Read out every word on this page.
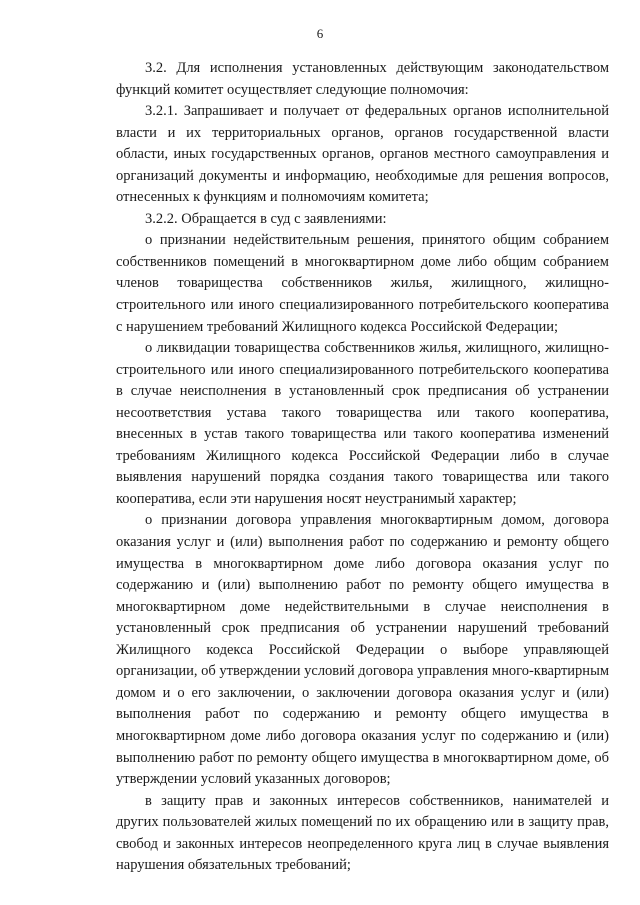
6

3.2. Для исполнения установленных действующим законодательством функций комитет осуществляет следующие полномочия:

3.2.1. Запрашивает и получает от федеральных органов исполнительной власти и их территориальных органов, органов государственной власти области, иных государственных органов, органов местного самоуправления и организаций документы и информацию, необходимые для решения вопросов, отнесенных к функциям и полномочиям комитета;

3.2.2. Обращается в суд с заявлениями:

о признании недействительным решения, принятого общим собранием собственников помещений в многоквартирном доме либо общим собранием членов товарищества собственников жилья, жилищного, жилищно-строительного или иного специализированного потребительского кооператива с нарушением требований Жилищного кодекса Российской Федерации;

о ликвидации товарищества собственников жилья, жилищного, жилищно-строительного или иного специализированного потребительского кооператива в случае неисполнения в установленный срок предписания об устранении несоответствия устава такого товарищества или такого кооператива, внесенных в устав такого товарищества или такого кооператива изменений требованиям Жилищного кодекса Российской Федерации либо в случае выявления нарушений порядка создания такого товарищества или такого кооператива, если эти нарушения носят неустранимый характер;

о признании договора управления многоквартирным домом, договора оказания услуг и (или) выполнения работ по содержанию и ремонту общего имущества в многоквартирном доме либо договора оказания услуг по содержанию и (или) выполнению работ по ремонту общего имущества в многоквартирном доме недействительными в случае неисполнения в установленный срок предписания об устранении нарушений требований Жилищного кодекса Российской Федерации о выборе управляющей организации, об утверждении условий договора управления много-квартирным домом и о его заключении, о заключении договора оказания услуг и (или) выполнения работ по содержанию и ремонту общего имущества в многоквартирном доме либо договора оказания услуг по содержанию и (или) выполнению работ по ремонту общего имущества в многоквартирном доме, об утверждении условий указанных договоров;

в защиту прав и законных интересов собственников, нанимателей и других пользователей жилых помещений по их обращению или в защиту прав, свобод и законных интересов неопределенного круга лиц в случае выявления нарушения обязательных требований;
